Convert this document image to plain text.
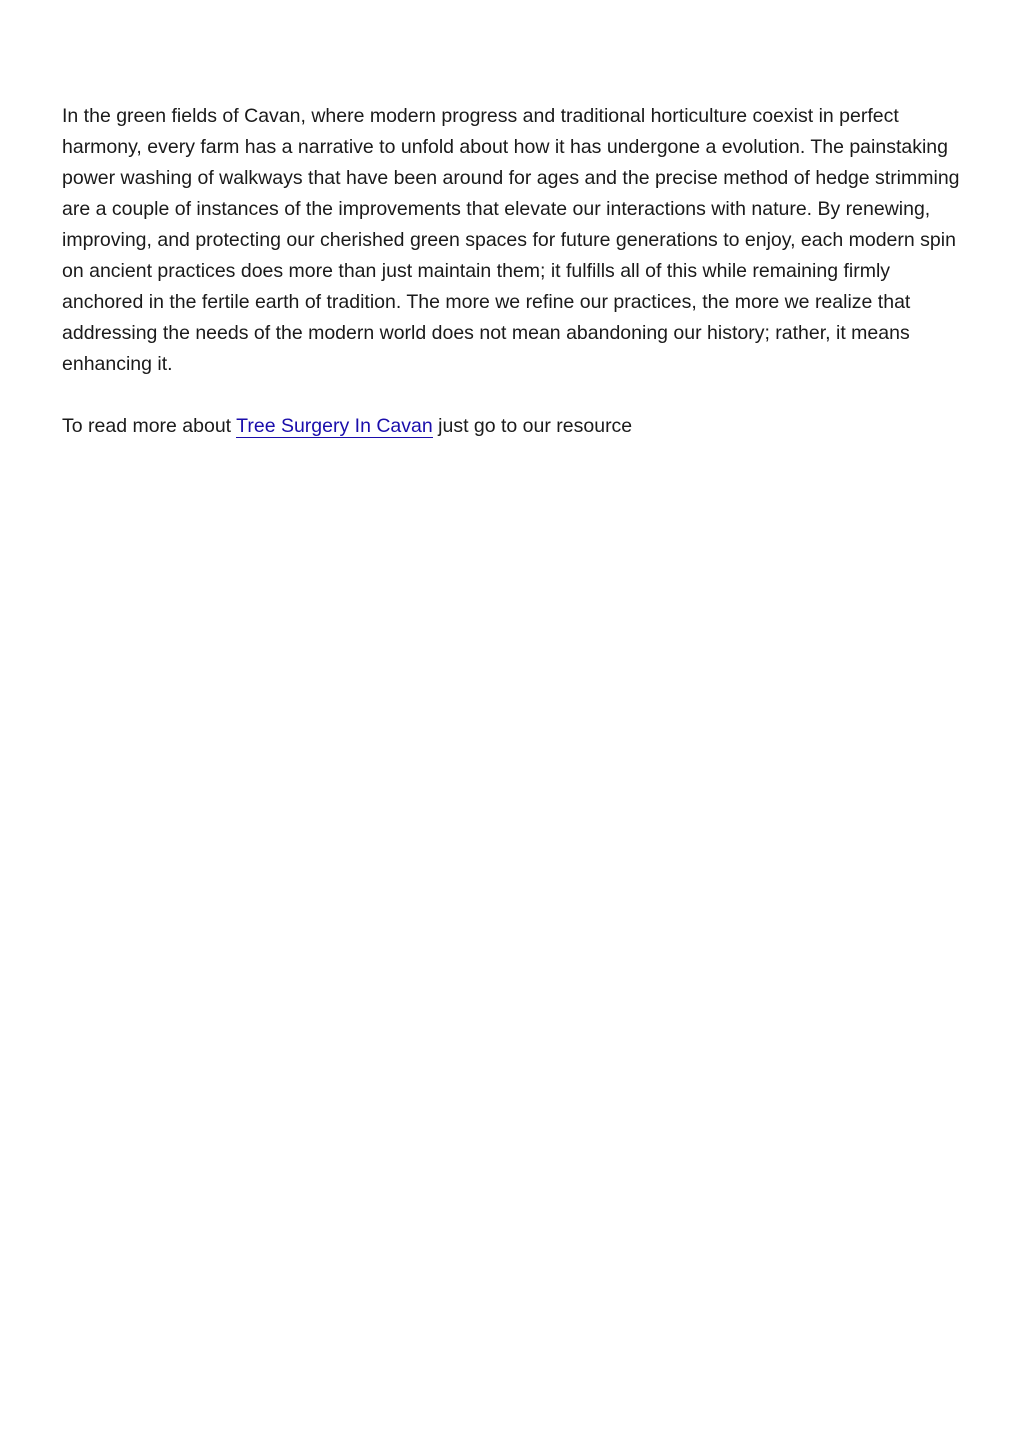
In the green fields of Cavan, where modern progress and traditional horticulture coexist in perfect harmony, every farm has a narrative to unfold about how it has undergone a evolution. The painstaking power washing of walkways that have been around for ages and the precise method of hedge strimming are a couple of instances of the improvements that elevate our interactions with nature. By renewing, improving, and protecting our cherished green spaces for future generations to enjoy, each modern spin on ancient practices does more than just maintain them; it fulfills all of this while remaining firmly anchored in the fertile earth of tradition. The more we refine our practices, the more we realize that addressing the needs of the modern world does not mean abandoning our history; rather, it means enhancing it.

To read more about Tree Surgery In Cavan just go to our resource
